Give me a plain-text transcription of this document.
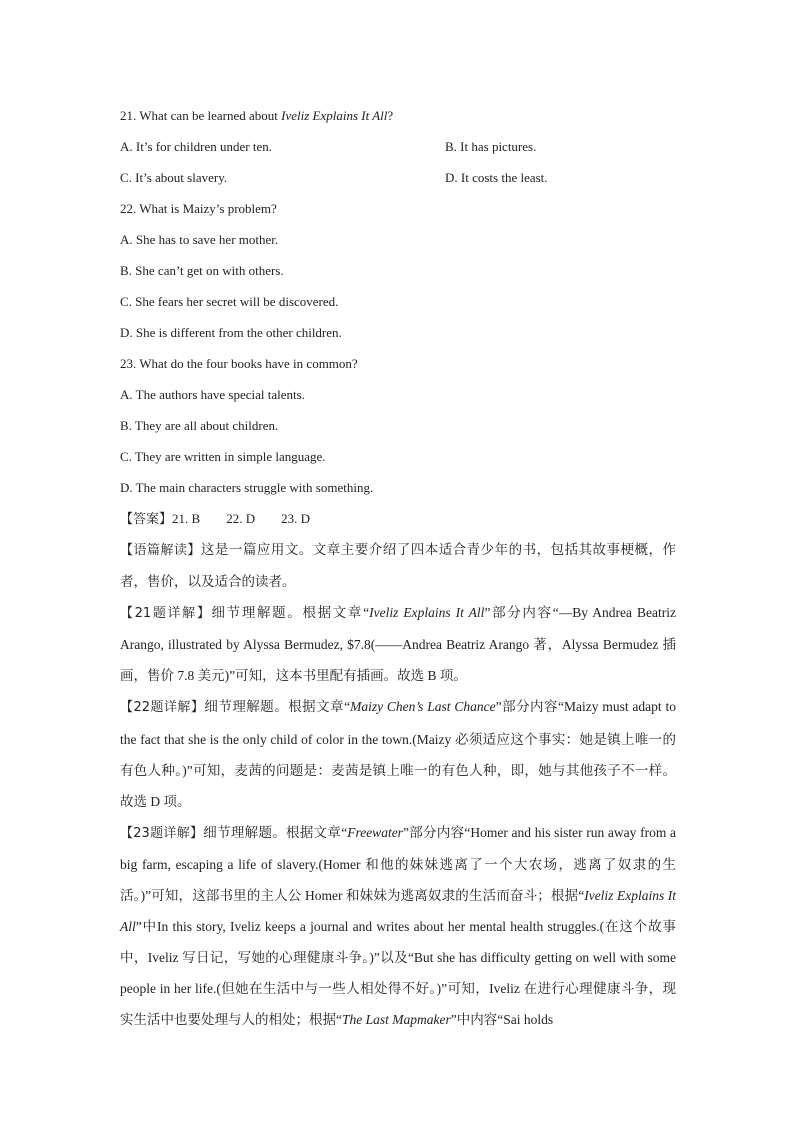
21. What can be learned about Iveliz Explains It All?
A. It’s for children under ten.	B. It has pictures.
C. It’s about slavery.	D. It costs the least.
22. What is Maizy’s problem?
A. She has to save her mother.
B. She can’t get on with others.
C. She fears her secret will be discovered.
D. She is different from the other children.
23. What do the four books have in common?
A. The authors have special talents.
B. They are all about children.
C. They are written in simple language.
D. The main characters struggle with something.
【答案】21. B 22. D 23. D

【语篇解读】这是一篇应用文。文章主要介绍了四本适合青少年的书，包括其故事梗概，作者，售价，以及适合的读者。

【21题详解】细节理解题。根据文章“Iveliz Explains It All”部分内容“—By Andrea Beatriz Arango, illustrated by Alyssa Bermudez, $7.8(——Andrea Beatriz Arango 著，Alyssa Bermudez 插画，售价 7.8 美元)”可知，这本书里配有插画。故选 B 项。

【22题详解】细节理解题。根据文章“Maizy Chen’s Last Chance”部分内容“Maizy must adapt to the fact that she is the only child of color in the town.(Maizy 必须适应这个事实：她是镇上唯一的有色人种。)”可知，麦茜的问题是：麦茜是镇上唯一的有色人种，即，她与其他孩子不一样。故选 D 项。

【23题详解】细节理解题。根据文章“Freewater”部分内容“Homer and his sister run away from a big farm, escaping a life of slavery.(Homer 和他的妹妹逃离了一个大农场，逃离了奴隶的生活。)”可知，这部书里的主人公 Homer 和妹妹为逃离奴隶的生活而奋斗；根据“Iveliz Explains It All”中In this story, Iveliz keeps a journal and writes about her mental health struggles.(在这个故事中，Iveliz 写日记，写她的心理健康斗争。)”以及“But she has difficulty getting on well with some people in her life.(但她在生活中与一些人相处得不好。)”可知，Iveliz 在进行心理健康斗争，现实生活中也要处理与人的相处；根据“The Last Mapmaker”中内容“Sai holds
